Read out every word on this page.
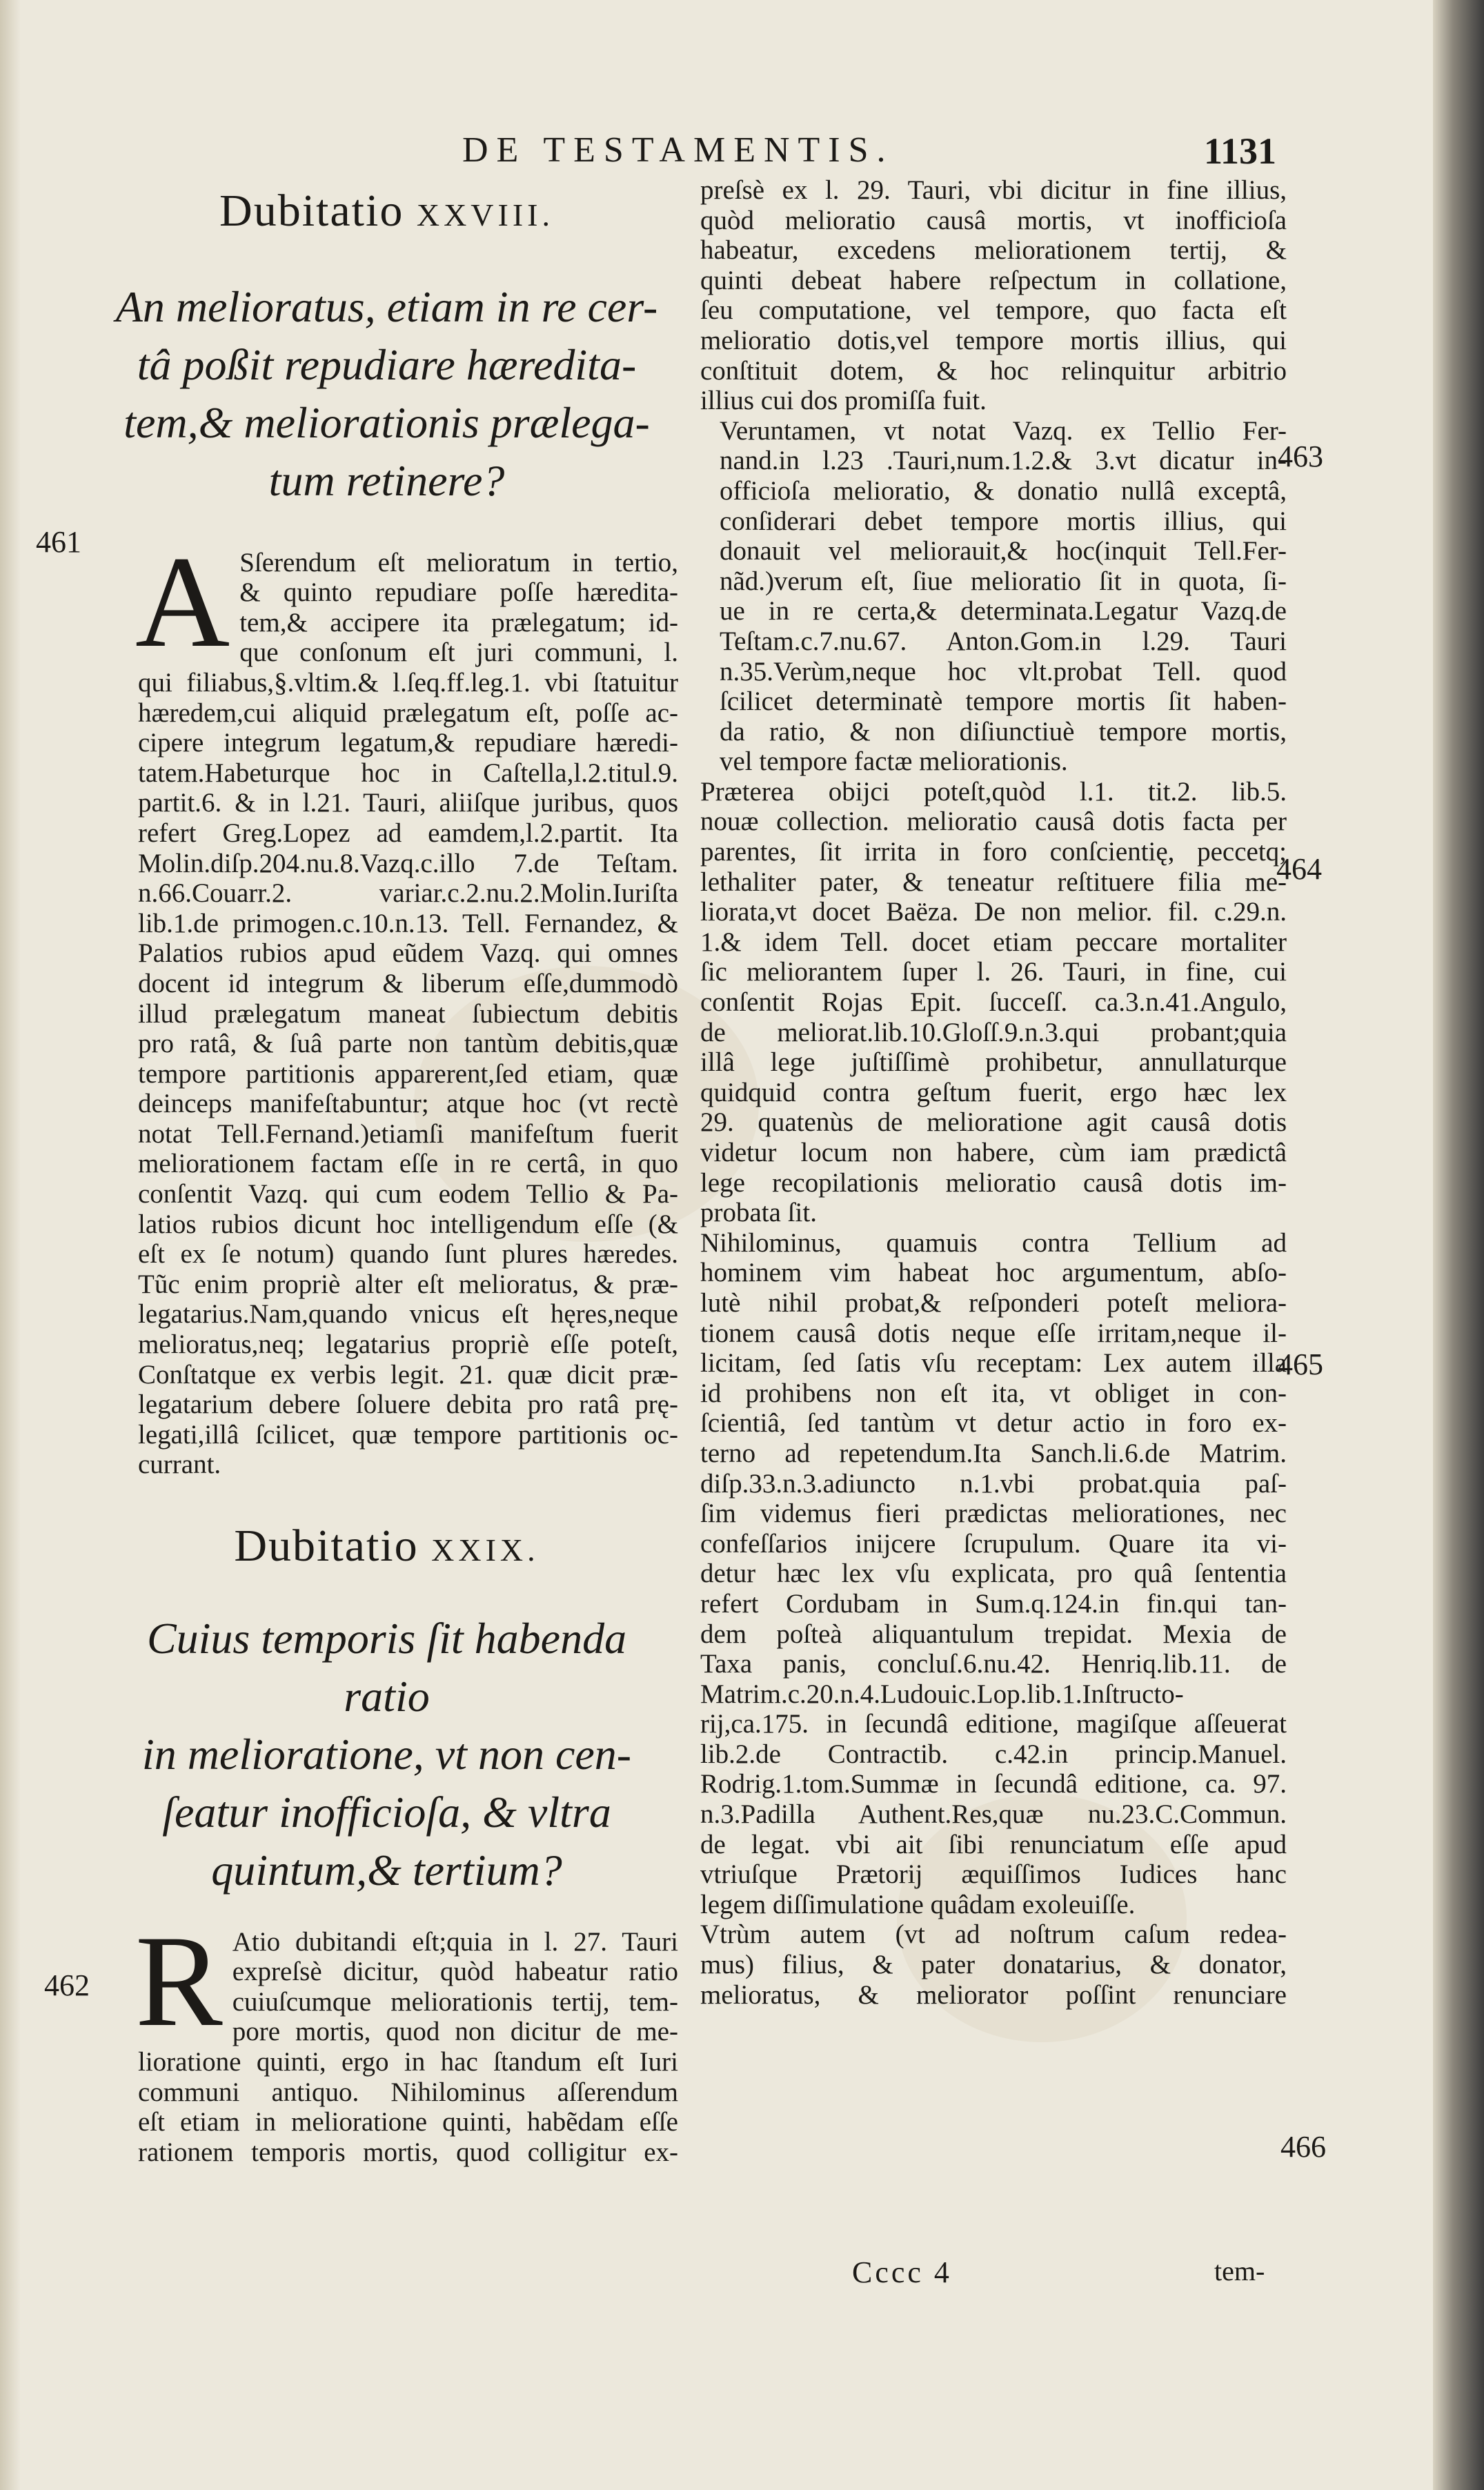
DE TESTAMENTIS.	1131
461
462
463
464
465
466
Dubitatio XXVIII.
An melioratus, etiam in re cer-
tâ poßit repudiare hæredita-
tem,& meliorationis prælega-
tum retinere?
A Sſerendum eſt melioratum in tertio,
& quinto repudiare poſſe hæredita-
tem,& accipere ita prælegatum; id-
que conſonum eſt juri communi, l.
qui filiabus,§.vltim.& l.ſeq.ff.leg.1. vbi ſtatuitur
hæredem,cui aliquid prælegatum eſt, poſſe ac-
cipere integrum legatum,& repudiare hæredi-
tatem.Habeturque hoc in Caſtella,l.2.titul.9.
partit.6. & in l.21. Tauri, aliiſque juribus, quos
refert Greg.Lopez ad eamdem,l.2.partit. Ita
Molin.diſp.204.nu.8.Vazq.c.illo 7.de Teſtam.
n.66.Couarr.2. variar.c.2.nu.2.Molin.Iuriſta
lib.1.de primogen.c.10.n.13. Tell. Fernandez, &
Palatios rubios apud eũdem Vazq. qui omnes
docent id integrum & liberum eſſe,dummodò
illud prælegatum maneat ſubiectum debitis
pro ratâ, & ſuâ parte non tantùm debitis,quæ
tempore partitionis apparerent,ſed etiam, quæ
deinceps manifeſtabuntur; atque hoc (vt rectè
notat Tell.Fernand.)etiamſi manifeſtum fuerit
meliorationem factam eſſe in re certâ, in quo
conſentit Vazq. qui cum eodem Tellio & Pa-
latios rubios dicunt hoc intelligendum eſſe (&
eſt ex ſe notum) quando ſunt plures hæredes.
Tũc enim propriè alter eſt melioratus, & præ-
legatarius.Nam,quando vnicus eſt hęres,neque
melioratus,neq; legatarius propriè eſſe poteſt,
Conſtatque ex verbis legit. 21. quæ dicit præ-
legatarium debere ſoluere debita pro ratâ prę-
legati,illâ ſcilicet, quæ tempore partitionis oc-
currant.
Dubitatio XXIX.
Cuius temporis ſit habenda ratio
in melioratione, vt non cen-
ſeatur inofficioſa, & vltra
quintum,& tertium?
R Atio dubitandi eſt;quia in l. 27. Tauri
expreſsè dicitur, quòd habeatur ratio
cuiuſcumque meliorationis tertij, tem-
pore mortis, quod non dicitur de me-
lioratione quinti, ergo in hac ſtandum eſt Iuri
communi antiquo. Nihilominus aſſerendum
eſt etiam in melioratione quinti, habẽdam eſſe
rationem temporis mortis, quod colligitur ex-
preſsè ex l. 29. Tauri, vbi dicitur in fine illius,
quòd melioratio causâ mortis, vt inofficioſa
habeatur, excedens meliorationem tertij, &
quinti debeat habere reſpectum in collatione,
ſeu computatione, vel tempore, quo facta eſt
melioratio dotis,vel tempore mortis illius, qui
conſtituit dotem, & hoc relinquitur arbitrio
illius cui dos promiſſa fuit.
Veruntamen, vt notat Vazq. ex Tellio Fer-
nand.in l.23 .Tauri,num.1.2.& 3.vt dicatur in-
officioſa melioratio, & donatio nullâ exceptâ,
conſiderari debet tempore mortis illius, qui
donauit vel meliorauit,& hoc(inquit Tell.Fer-
nãd.)verum eſt, ſiue melioratio ſit in quota, ſi-
ue in re certa,& determinata.Legatur Vazq.de
Teſtam.c.7.nu.67. Anton.Gom.in l.29. Tauri
n.35.Verùm,neque hoc vlt.probat Tell. quod
ſcilicet determinatè tempore mortis ſit haben-
da ratio, & non diſiunctiuè tempore mortis,
vel tempore factæ meliorationis.
Præterea obijci poteſt,quòd l.1. tit.2. lib.5.
nouæ collection. melioratio causâ dotis facta per
parentes, ſit irrita in foro conſcientię, peccetq;
lethaliter pater, & teneatur reſtituere filia me-
liorata,vt docet Baëza. De non melior. fil. c.29.n.
1.& idem Tell. docet etiam peccare mortaliter
ſic meliorantem ſuper l. 26. Tauri, in fine, cui
conſentit Rojas Epit. ſucceſſ. ca.3.n.41.Angulo,
de meliorat.lib.10.Gloſſ.9.n.3.qui probant;quia
illâ lege juſtiſſimè prohibetur, annullaturque
quidquid contra geſtum fuerit, ergo hæc lex
29. quatenùs de melioratione agit causâ dotis
videtur locum non habere, cùm iam prædictâ
lege recopilationis melioratio causâ dotis im-
probata ſit.
Nihilominus, quamuis contra Tellium ad
hominem vim habeat hoc argumentum, abſo-
lutè nihil probat,& reſponderi poteſt meliora-
tionem causâ dotis neque eſſe irritam,neque il-
licitam, ſed ſatis vſu receptam: Lex autem illa
id prohibens non eſt ita, vt obliget in con-
ſcientiâ, ſed tantùm vt detur actio in foro ex-
terno ad repetendum.Ita Sanch.li.6.de Matrim.
diſp.33.n.3.adiuncto n.1.vbi probat.quia paſ-
ſim videmus fieri prædictas meliorationes, nec
confeſſarios inijcere ſcrupulum. Quare ita vi-
detur hæc lex vſu explicata, pro quâ ſententia
refert Cordubam in Sum.q.124.in fin.qui tan-
dem poſteà aliquantulum trepidat. Mexia de
Taxa panis, concluſ.6.nu.42. Henriq.lib.11. de
Matrim.c.20.n.4.Ludouic.Lop.lib.1.Inſtructo-
rij,ca.175. in ſecundâ editione, magiſque aſſeuerat
lib.2.de Contractib. c.42.in princip.Manuel.
Rodrig.1.tom.Summæ in ſecundâ editione, ca. 97.
n.3.Padilla Authent.Res,quæ nu.23.C.Commun.
de legat. vbi ait ſibi renunciatum eſſe apud
vtriuſque Prætorij æquiſſimos Iudices hanc
legem diſſimulatione quâdam exoleuiſſe.
Vtrùm autem (vt ad noſtrum caſum redea-
mus) filius, & pater donatarius, & donator,
melioratus, & meliorator poſſint renunciare
Cccc 4	tem-
